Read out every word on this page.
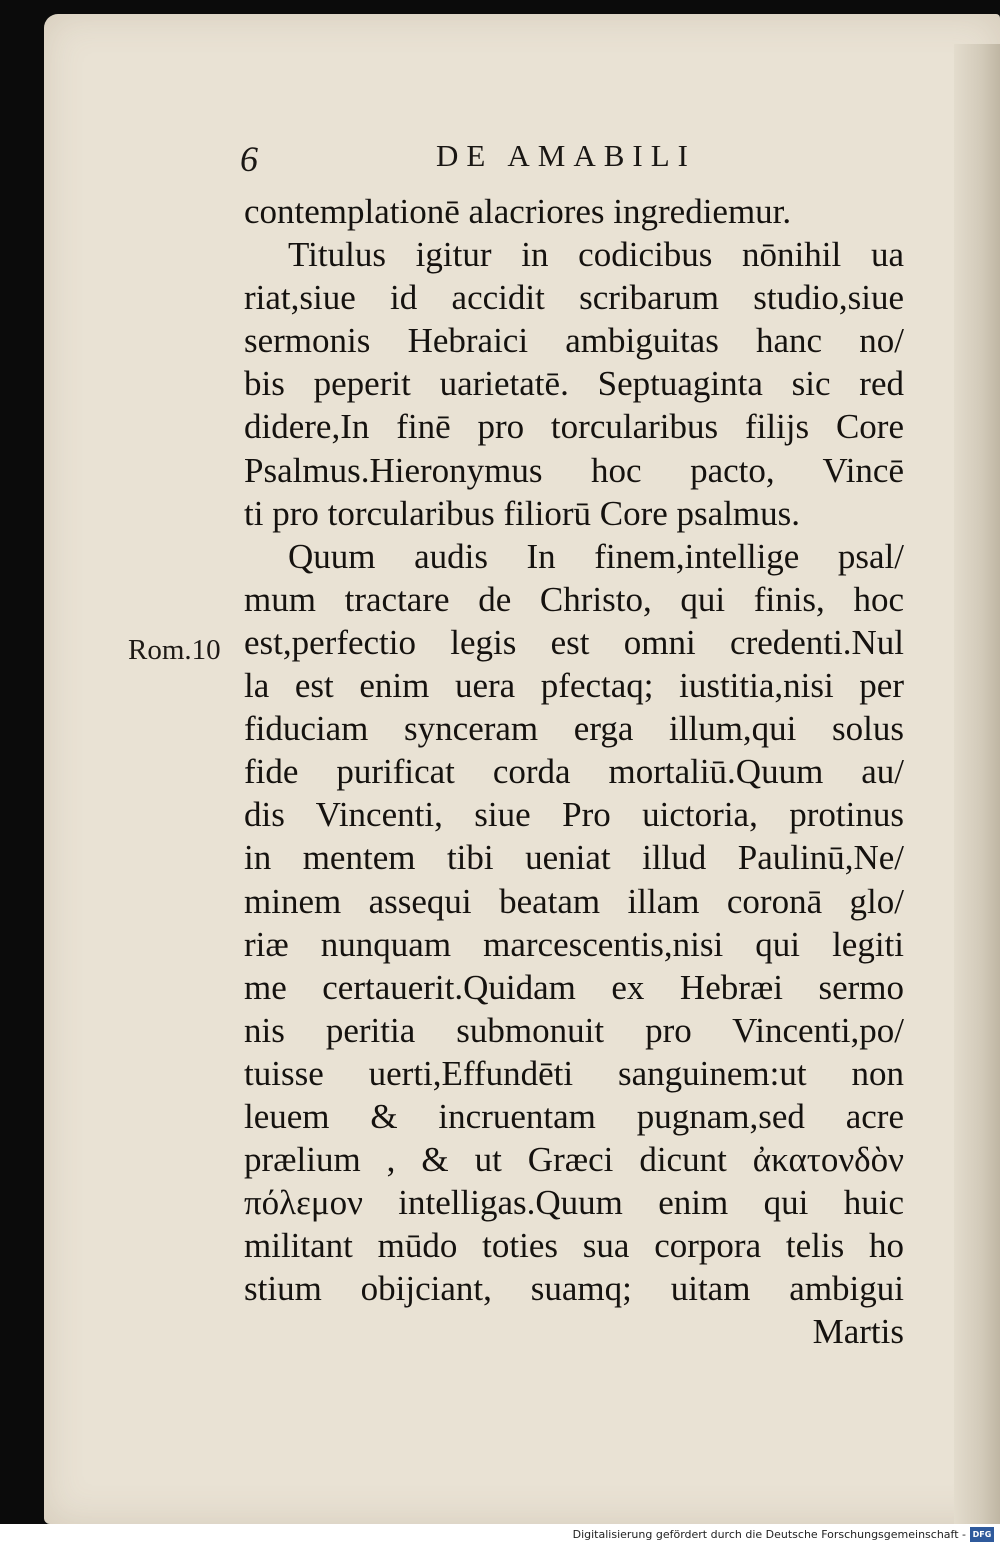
6	DE AMABILI
Rom.10
contemplationē alacriores ingrediemur.
Titulus igitur in codicibus nōnihil ua
riat,siue id accidit scribarum studio,siue
sermonis Hebraici ambiguitas hanc no/
bis peperit uarietatē. Septuaginta sic red
didere,In finē pro torcularibus filijs Core
Psalmus.Hieronymus hoc pacto, Vincē
ti pro torcularibus filiorū Core psalmus.
Quum audis In finem,intellige psal/
mum tractare de Christo, qui finis, hoc
est,perfectio legis est omni credenti.Nul
la est enim uera pfectaq; iustitia,nisi per
fiduciam synceram erga illum,qui solus
fide purificat corda mortaliū.Quum au/
dis Vincenti, siue Pro uictoria, protinus
in mentem tibi ueniat illud Paulinū,Ne/
minem assequi beatam illam coronā glo/
riæ nunquam marcescentis,nisi qui legiti
me certauerit.Quidam ex Hebræi sermo
nis peritia submonuit pro Vincenti,po/
tuisse uerti,Effundēti sanguinem:ut non
leuem & incruentam pugnam,sed acre
prælium , & ut Græci dicunt ἀκατονδὸν
πόλεμον intelligas.Quum enim qui huic
militant mūdo toties sua corpora telis ho
stium obijciant, suamq; uitam ambigui
Martis
Digitalisierung gefördert durch die Deutsche Forschungsgemeinschaft - DFG
